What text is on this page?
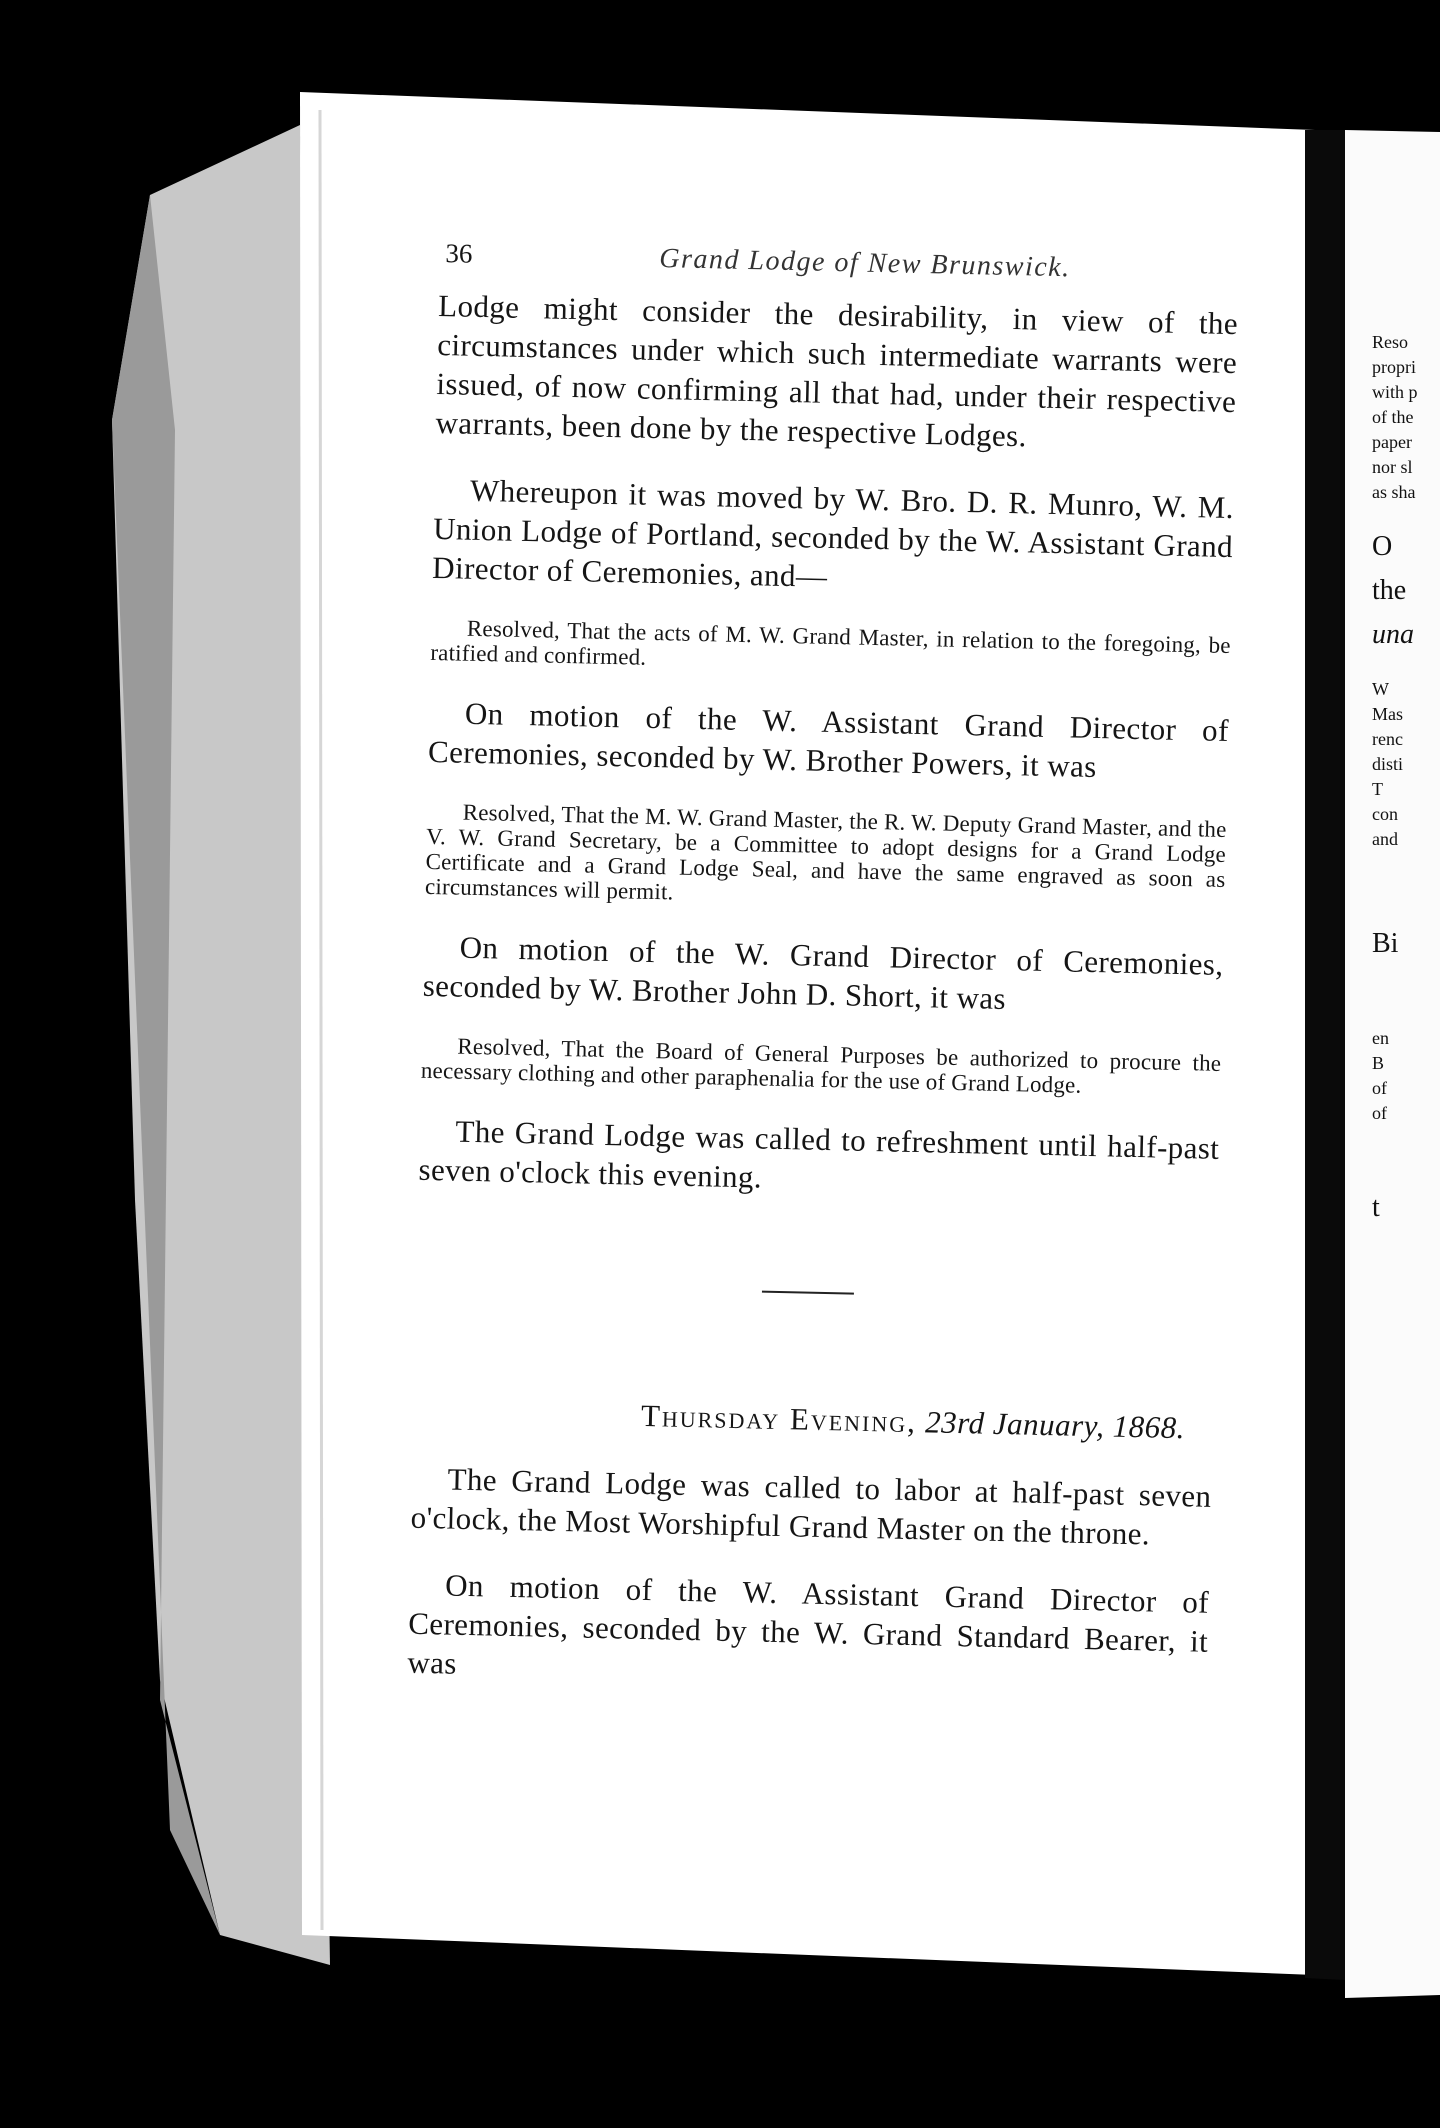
36	Grand Lodge of New Brunswick.

Lodge might consider the desirability, in view of the circumstances under which such intermediate warrants were issued, of now confirming all that had, under their respective warrants, been done by the respective Lodges.

Whereupon it was moved by W. Bro. D. R. Munro, W. M. Union Lodge of Portland, seconded by the W. Assistant Grand Director of Ceremonies, and—

Resolved, That the acts of M. W. Grand Master, in relation to the foregoing, be ratified and confirmed.

On motion of the W. Assistant Grand Director of Ceremonies, seconded by W. Brother Powers, it was

Resolved, That the M. W. Grand Master, the R. W. Deputy Grand Master, and the V. W. Grand Secretary, be a Committee to adopt designs for a Grand Lodge Certificate and a Grand Lodge Seal, and have the same engraved as soon as circumstances will permit.

On motion of the W. Grand Director of Ceremonies, seconded by W. Brother John D. Short, it was

Resolved, That the Board of General Purposes be authorized to procure the necessary clothing and other paraphenalia for the use of Grand Lodge.

The Grand Lodge was called to refreshment until half-past seven o'clock this evening.

Thursday Evening, 23rd January, 1868.

The Grand Lodge was called to labor at half-past seven o'clock, the Most Worshipful Grand Master on the throne.

On motion of the W. Assistant Grand Director of Ceremonies, seconded by the W. Grand Standard Bearer, it was

Reso
propri
with p
of the
paper
nor sl
as sha
O
the
una
W
Mas
renc
disti
T
con
and
Bi
en
B
of
of
t
